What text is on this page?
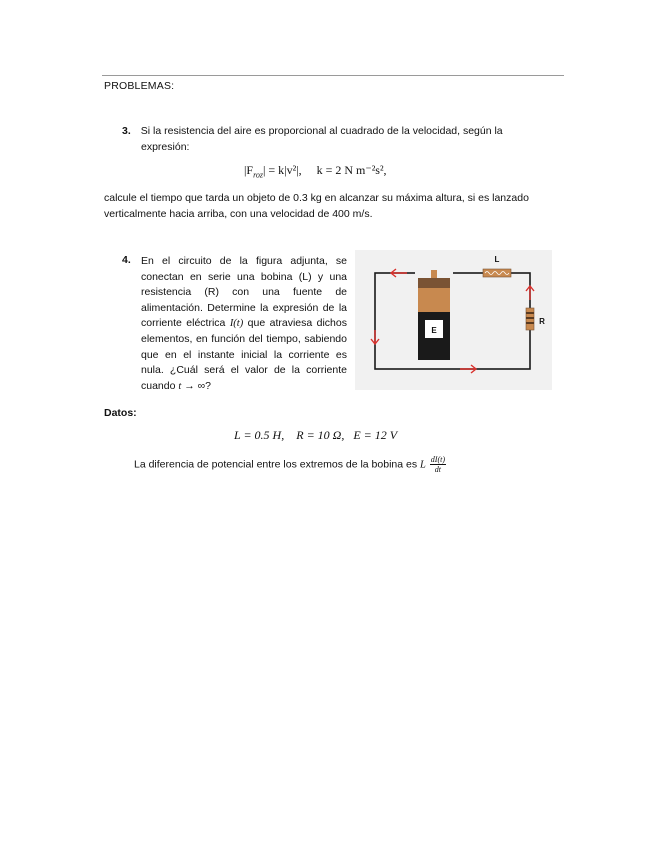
PROBLEMAS:
3. Si la resistencia del aire es proporcional al cuadrado de la velocidad, según la
expresión:
$|F_{roz}| = k|v^2|$, k = 2 N m⁻²s²,
calcule el tiempo que tarda un objeto de 0.3 kg en alcanzar su máxima altura, si es lanzado verticalmente hacia arriba, con una velocidad de 400 m/s.
4. En el circuito de la figura adjunta, se conectan en serie una bobina (L) y una resistencia (R) con una fuente de alimentación. Determine la expresión de la corriente eléctrica I(t) que atraviesa dichos elementos, en función del tiempo, sabiendo que en el instante inicial la corriente es nula. ¿Cuál será el valor de la corriente cuando t → ∞?
E
L
R
Datos:
L = 0.5 H, R = 10 Ω, E = 12 V
La diferencia de potencial entre los extremos de la bobina es L $\frac{dI(t)}{dt}$
